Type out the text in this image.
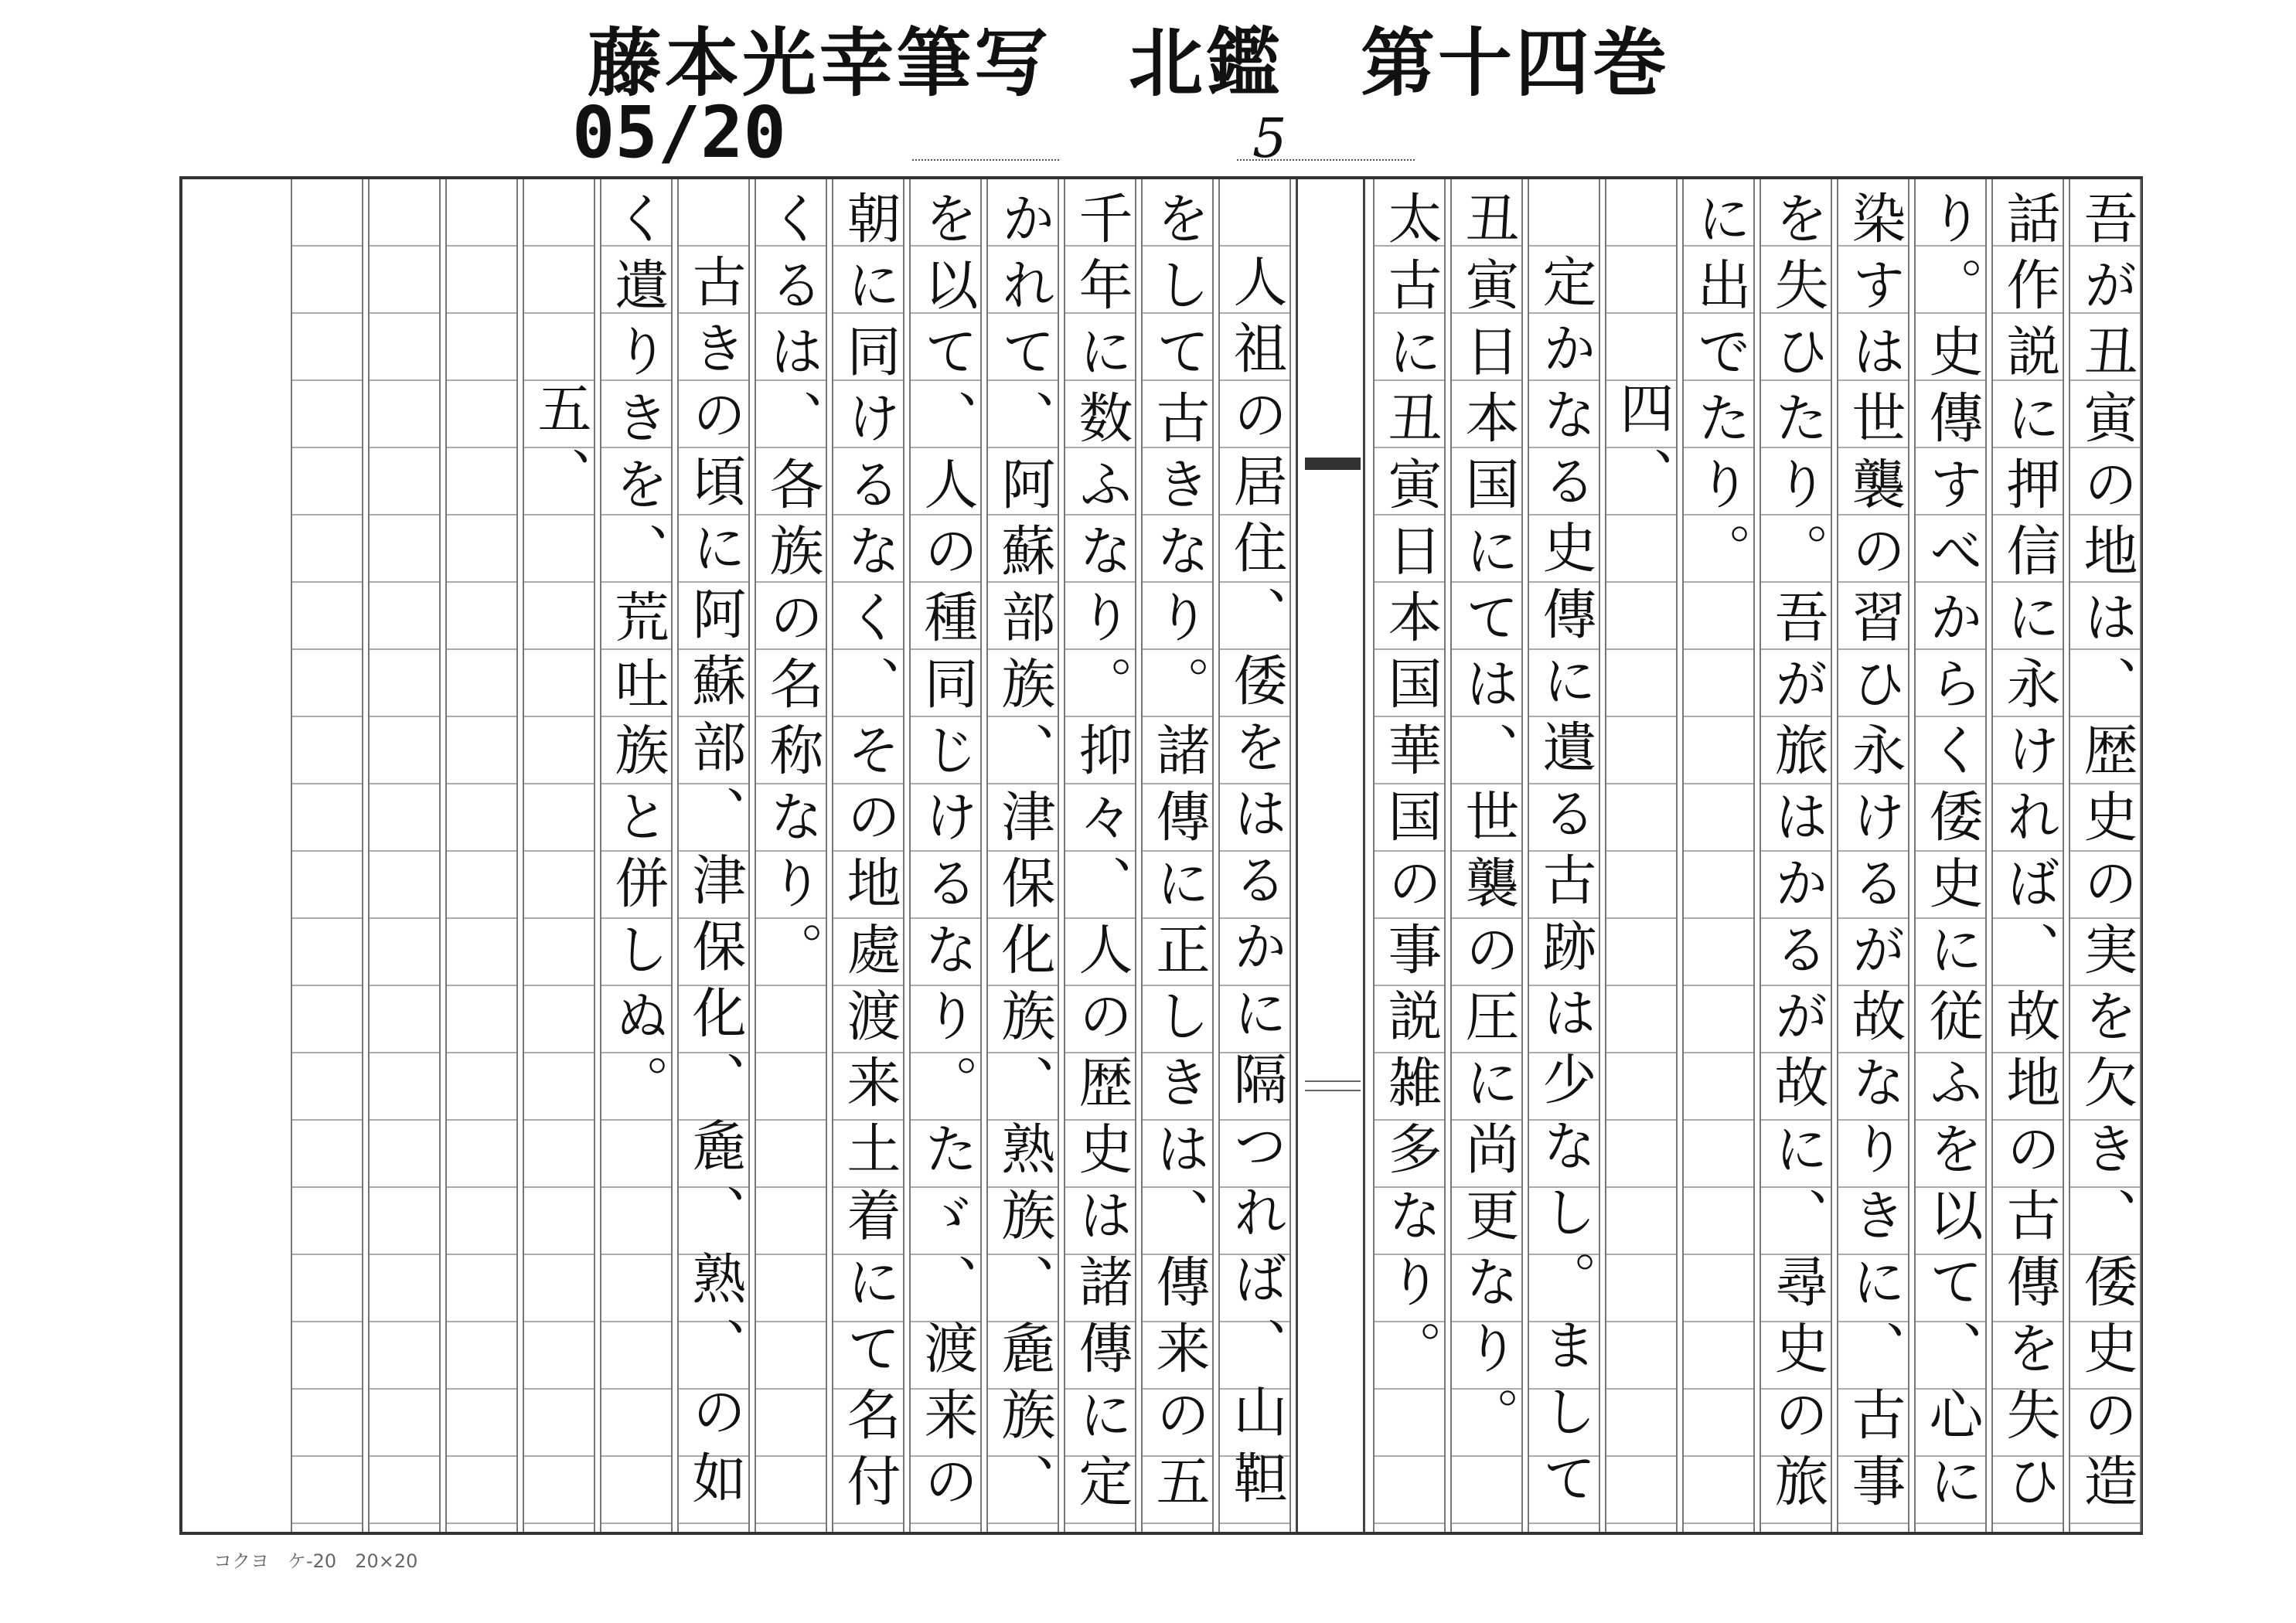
藤本光幸筆写　北鑑　第十四巻
05/20	5
吾が丑寅の地は、歴史の実を欠き、倭史の造
話作説に押信に永ければ、故地の古傳を失ひ
り。史傳すべからく倭史に従ふを以て、心に
染すは世襲の習ひ永けるが故なりきに、古事
を失ひたり。吾が旅はかるが故に、尋史の旅
に出でたり。
四、
定かなる史傳に遺る古跡は少なし。まして
丑寅日本国にては、世襲の圧に尚更なり。
太古に丑寅日本国華国の事説雑多なり。
人祖の居住、倭をはるかに隔つれば、山靼
をして古きなり。諸傳に正しきは、傳来の五
千年に数ふなり。抑々、人の歴史は諸傳に定
かれて、阿蘇部族、津保化族、熟族、麁族、
を以て、人の種同じけるなり。たゞ、渡来の
朝に同けるなく、その地處渡来土着にて名付
くるは、各族の名称なり。
古きの頃に阿蘇部、津保化、麁、熟、の如
く遺りきを、荒吐族と併しぬ。
五、
コクヨ　ケ-20　20×20
